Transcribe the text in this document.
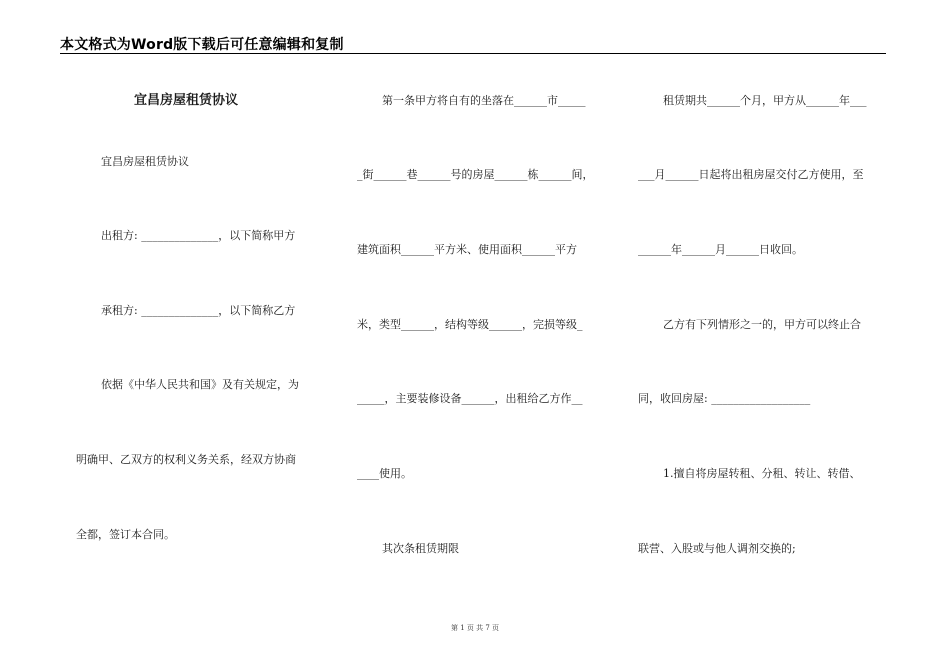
本文格式为Word版下载后可任意编辑和复制
宜昌房屋租赁协议
宜昌房屋租赁协议
出租方: ______________，以下简称甲方
承租方: ______________，以下简称乙方
依据《中华人民共和国》及有关规定，为
明确甲、乙双方的权利义务关系，经双方协商
全都，签订本合同。
第一条甲方将自有的坐落在______市_____
_街______巷______号的房屋______栋______间，
建筑面积______平方米、使用面积______平方
米，类型______，结构等级______，完损等级_
_____，主要装修设备______，出租给乙方作__
____使用。
其次条租赁期限
租赁期共______个月，甲方从______年___
___月______日起将出租房屋交付乙方使用，至
______年______月______日收回。
乙方有下列情形之一的，甲方可以终止合
同，收回房屋: __________________
1.擅自将房屋转租、分租、转让、转借、
联营、入股或与他人调剂交换的;
第 1 页 共 7 页
